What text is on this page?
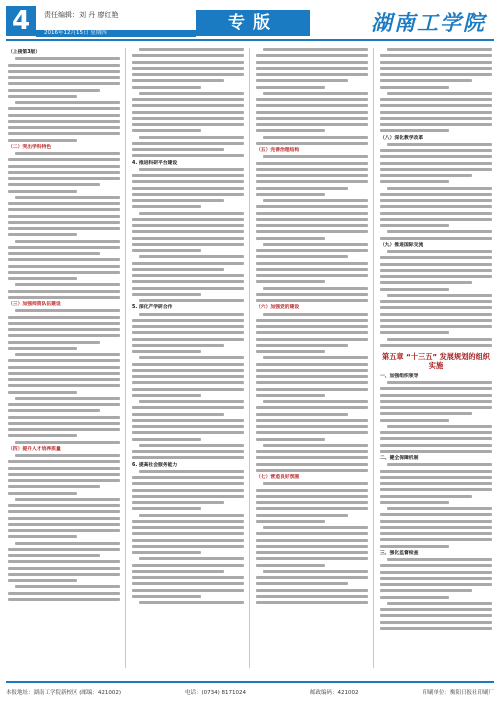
4	责任编辑：刘 丹 廖红艳
2016年12月15日 星期四	专版	湖南工学院
（上接第3版）
（二）突出学科特色
（三）加强师资队伍建设
（四）提升人才培养质量
4. 推进科研平台建设
5. 深化产学研合作
6. 提高社会服务能力
（五）完善治理结构
（六）加强党的建设
（七）营造良好氛围
（八）深化教学改革
（九）推进国际交流
第五章 “十三五” 发展规划的组织实施
一、加强组织领导
二、健全保障机制
三、强化监督检查
本报地址：湖南工学院新校区 (邮编：421002)	电话：(0734) 8171024	邮政编码：421002	印刷单位：衡阳日报社印刷厂
